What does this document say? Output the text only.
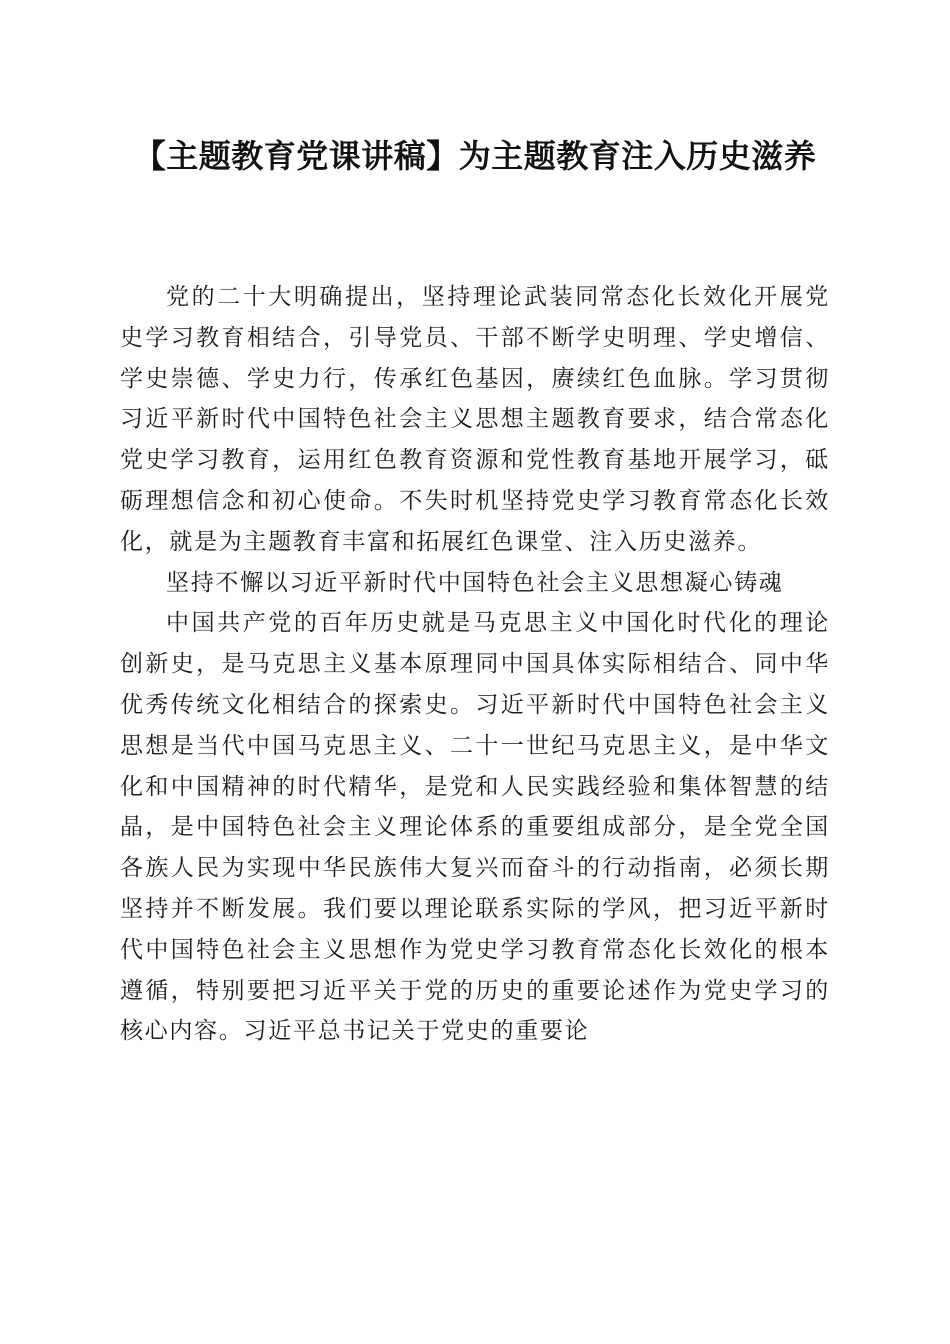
【主题教育党课讲稿】为主题教育注入历史滋养

党的二十大明确提出，坚持理论武装同常态化长效化开展党史学习教育相结合，引导党员、干部不断学史明理、学史增信、学史崇德、学史力行，传承红色基因，赓续红色血脉。学习贯彻习近平新时代中国特色社会主义思想主题教育要求，结合常态化党史学习教育，运用红色教育资源和党性教育基地开展学习，砥砺理想信念和初心使命。不失时机坚持党史学习教育常态化长效化，就是为主题教育丰富和拓展红色课堂、注入历史滋养。

坚持不懈以习近平新时代中国特色社会主义思想凝心铸魂

中国共产党的百年历史就是马克思主义中国化时代化的理论创新史，是马克思主义基本原理同中国具体实际相结合、同中华优秀传统文化相结合的探索史。习近平新时代中国特色社会主义思想是当代中国马克思主义、二十一世纪马克思主义，是中华文化和中国精神的时代精华，是党和人民实践经验和集体智慧的结晶，是中国特色社会主义理论体系的重要组成部分，是全党全国各族人民为实现中华民族伟大复兴而奋斗的行动指南，必须长期坚持并不断发展。我们要以理论联系实际的学风，把习近平新时代中国特色社会主义思想作为党史学习教育常态化长效化的根本遵循，特别要把习近平关于党的历史的重要论述作为党史学习的核心内容。习近平总书记关于党史的重要论
